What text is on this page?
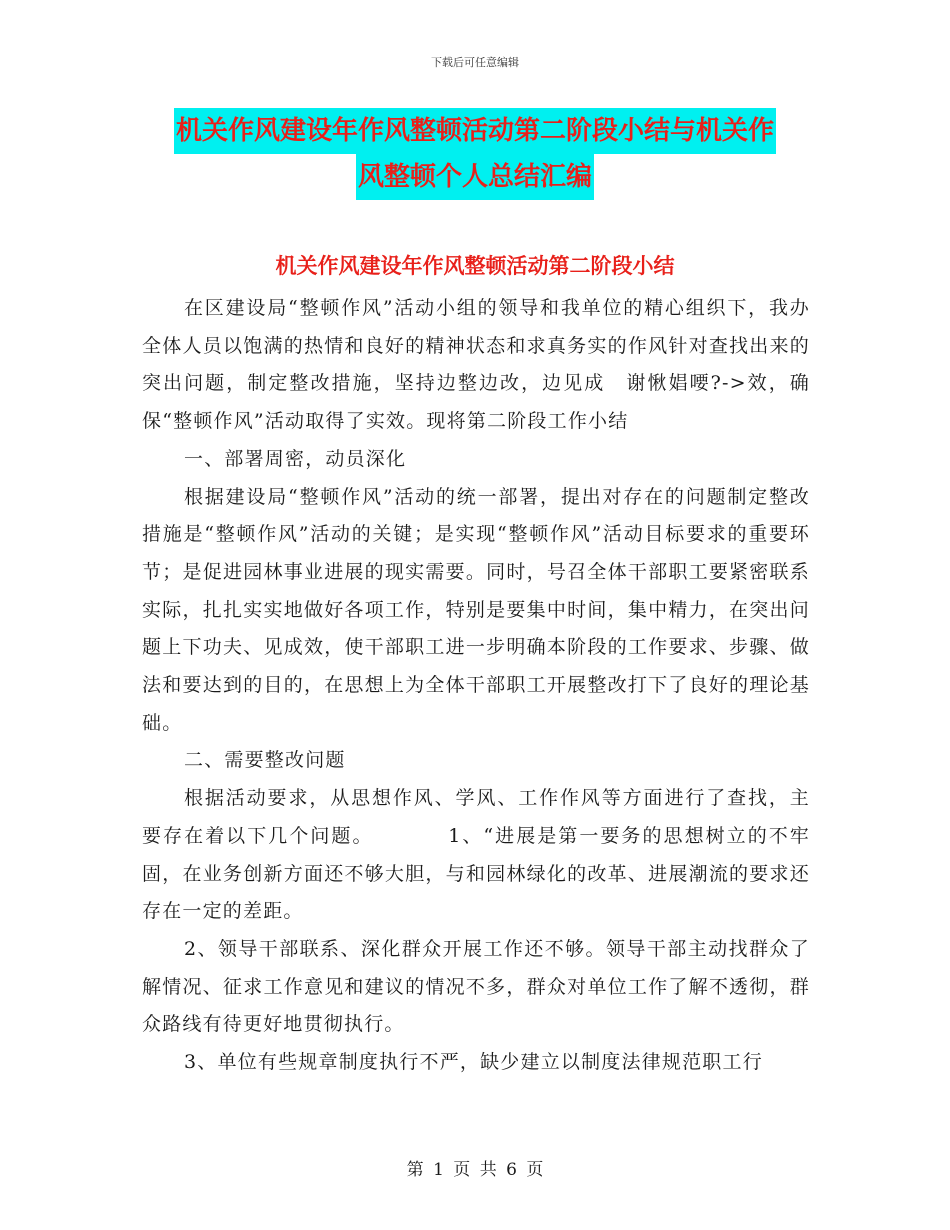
下载后可任意编辑
机关作风建设年作风整顿活动第二阶段小结与机关作
风整顿个人总结汇编
机关作风建设年作风整顿活动第二阶段小结

在区建设局“整顿作风”活动小组的领导和我单位的精心组织下，我办全体人员以饱满的热情和良好的精神状态和求真务实的作风针对查找出来的突出问题，制定整改措施，坚持边整边改，边见成　谢愀娼喓?->效，确保“整顿作风”活动取得了实效。现将第二阶段工作小结

一、部署周密，动员深化

根据建设局“整顿作风”活动的统一部署，提出对存在的问题制定整改措施是“整顿作风”活动的关键；是实现“整顿作风”活动目标要求的重要环节；是促进园林事业进展的现实需要。同时，号召全体干部职工要紧密联系实际，扎扎实实地做好各项工作，特别是要集中时间，集中精力，在突出问题上下功夫、见成效，使干部职工进一步明确本阶段的工作要求、步骤、做法和要达到的目的，在思想上为全体干部职工开展整改打下了良好的理论基础。

二、需要整改问题

根据活动要求，从思想作风、学风、工作作风等方面进行了查找，主要存在着以下几个问题。　　　　1、“进展是第一要务的思想树立的不牢固，在业务创新方面还不够大胆，与和园林绿化的改革、进展潮流的要求还存在一定的差距。

2、领导干部联系、深化群众开展工作还不够。领导干部主动找群众了解情况、征求工作意见和建议的情况不多，群众对单位工作了解不透彻，群众路线有待更好地贯彻执行。

3、单位有些规章制度执行不严，缺少建立以制度法律规范职工行

第 1 页 共 6 页
